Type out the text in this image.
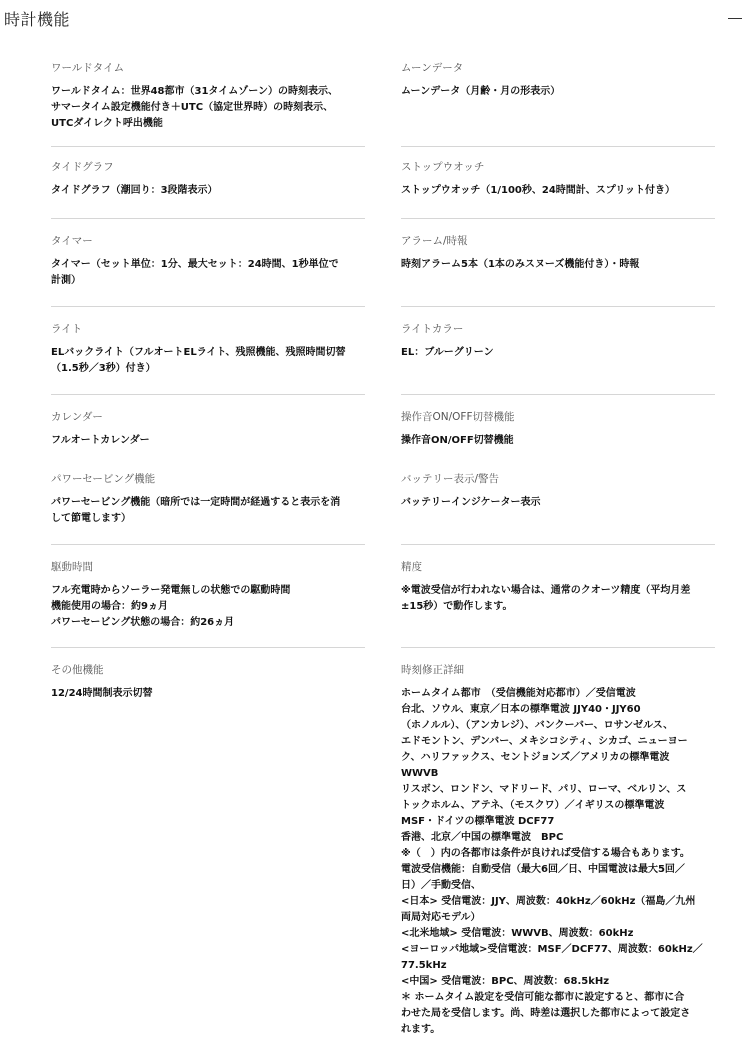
時計機能
ワールドタイム
ワールドタイム：世界48都市（31タイムゾーン）の時刻表示、
サマータイム設定機能付き＋UTC（協定世界時）の時刻表示、
UTCダイレクト呼出機能
ムーンデータ
ムーンデータ（月齢・月の形表示）
タイドグラフ
タイドグラフ（潮回り：3段階表示）
ストップウオッチ
ストップウオッチ（1/100秒、24時間計、スプリット付き）
タイマー
タイマー（セット単位：1分、最大セット：24時間、1秒単位で
計測）
アラーム/時報
時刻アラーム5本（1本のみスヌーズ機能付き）・時報
ライト
ELバックライト（フルオートELライト、残照機能、残照時間切替
（1.5秒／3秒）付き）
ライトカラー
EL：ブルーグリーン
カレンダー
フルオートカレンダー
操作音ON/OFF切替機能
操作音ON/OFF切替機能
パワーセービング機能
パワーセービング機能（暗所では一定時間が経過すると表示を消
して節電します）
バッテリー表示/警告
バッテリーインジケーター表示
駆動時間
フル充電時からソーラー発電無しの状態での駆動時間
機能使用の場合：約9ヵ月
パワーセービング状態の場合：約26ヵ月
精度
※電波受信が行われない場合は、通常のクオーツ精度（平均月差
±15秒）で動作します。
その他機能
12/24時間制表示切替
時刻修正詳細
ホームタイム都市　（受信機能対応都市）／受信電波
台北、ソウル、東京／日本の標準電波 JJY40・JJY60
（ホノルル）、（アンカレジ）、バンクーバー、ロサンゼルス、
エドモントン、デンバー、メキシコシティ、シカゴ、ニューヨー
ク、ハリファックス、セントジョンズ／アメリカの標準電波
WWVB
リスボン、ロンドン、マドリード、パリ、ローマ、ベルリン、ス
トックホルム、アテネ、（モスクワ）／イギリスの標準電波
MSF・ドイツの標準電波 DCF77
香港、北京／中国の標準電波　BPC
※（　）内の各都市は条件が良ければ受信する場合もあります。
電波受信機能：自動受信（最大6回／日、中国電波は最大5回／
日）／手動受信、
<日本> 受信電波：JJY、周波数：40kHz／60kHz（福島／九州
両局対応モデル）
<北米地域> 受信電波：WWVB、周波数：60kHz
<ヨーロッパ地域>受信電波：MSF／DCF77、周波数：60kHz／
77.5kHz
<中国> 受信電波：BPC、周波数：68.5kHz
＊ ホームタイム設定を受信可能な都市に設定すると、都市に合
わせた局を受信します。尚、時差は選択した都市によって設定さ
れます。
